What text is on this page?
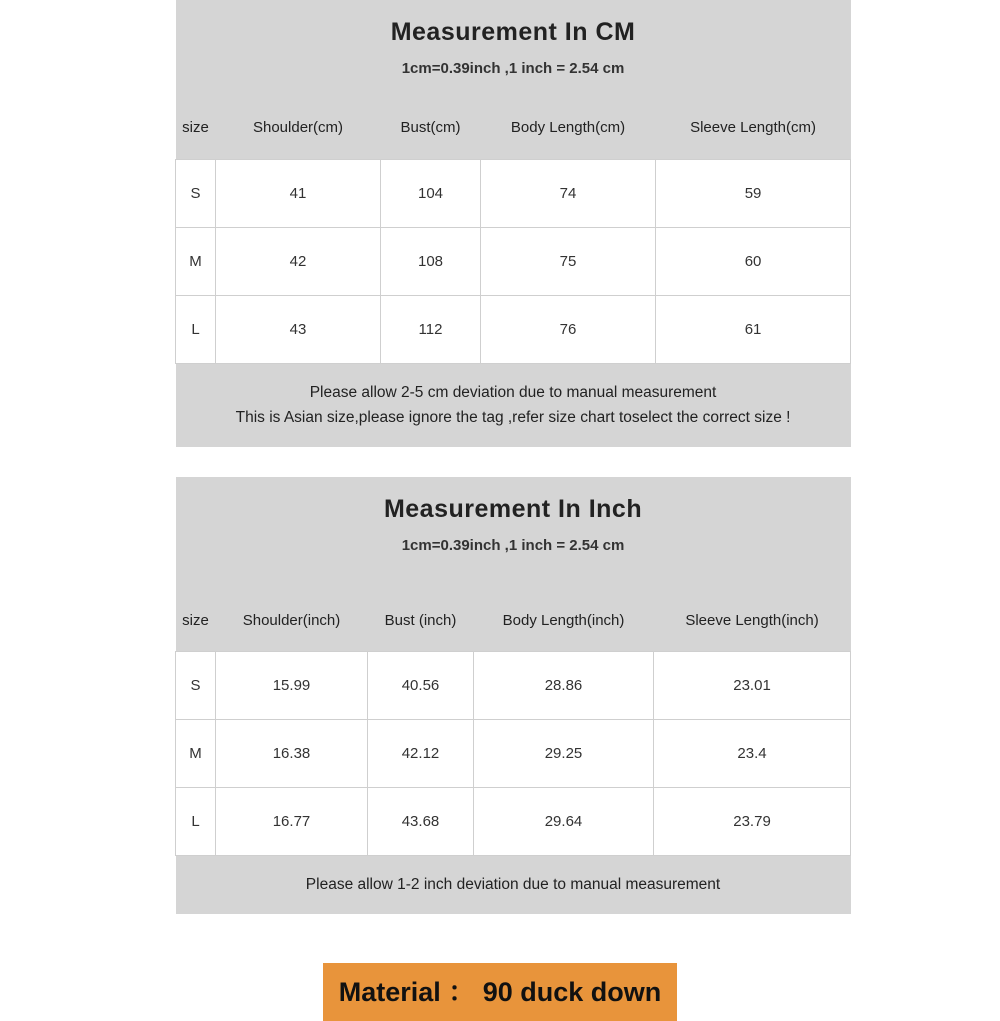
Measurement In CM
1cm=0.39inch ,1 inch = 2.54 cm				

size	Shoulder(cm)	Bust(cm)	Body Length(cm)	Sleeve Length(cm)
S	41	104	74	59
M	42	108	75	60
L	43	112	76	61

Please allow 2-5 cm deviation due to manual measurement
This is Asian size,please ignore the tag ,refer size chart toselect the correct size !				
Measurement In Inch
1cm=0.39inch ,1 inch = 2.54 cm				

size	Shoulder(inch)	Bust (inch)	Body Length(inch)	Sleeve Length(inch)
S	15.99	40.56	28.86	23.01
M	16.38	42.12	29.25	23.4
L	16.77	43.68	29.64	23.79

Please allow 1-2 inch deviation due to manual measurement				
Material ： 90 duck down
